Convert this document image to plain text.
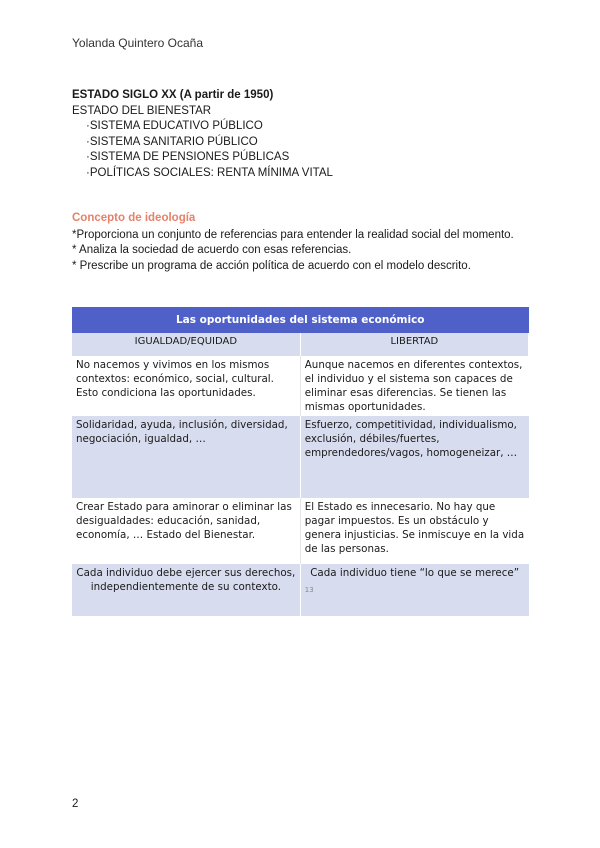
Yolanda Quintero Ocaña
ESTADO SIGLO XX (A partir de 1950)
ESTADO DEL BIENESTAR
· SISTEMA EDUCATIVO PÚBLICO
· SISTEMA SANITARIO PÚBLICO
· SISTEMA DE PENSIONES PÚBLICAS
· POLÍTICAS SOCIALES: RENTA MÍNIMA VITAL
Concepto de ideología

*Proporciona un conjunto de referencias para entender la realidad social del momento.

* Analiza la sociedad de acuerdo con esas referencias.

* Prescribe un programa de acción política de acuerdo con el modelo descrito.

Las oportunidades del sistema económico	
IGUALDAD/EQUIDAD	LIBERTAD
No nacemos y vivimos en los mismos contextos: económico, social, cultural. Esto condiciona las oportunidades.	Aunque nacemos en diferentes contextos, el individuo y el sistema son capaces de eliminar esas diferencias. Se tienen las mismas oportunidades.
Solidaridad, ayuda, inclusión, diversidad, negociación, igualdad, …	Esfuerzo, competitividad, individualismo, exclusión, débiles/fuertes, emprendedores/vagos, homogeneizar, …
Crear Estado para aminorar o eliminar las desigualdades: educación, sanidad, economía, … Estado del Bienestar.	El Estado es innecesario. No hay que pagar impuestos. Es un obstáculo y genera injusticias. Se inmiscuye en la vida de las personas.
Cada individuo debe ejercer sus derechos, independientemente de su contexto.	Cada individuo tiene “lo que se merece”
13
2
